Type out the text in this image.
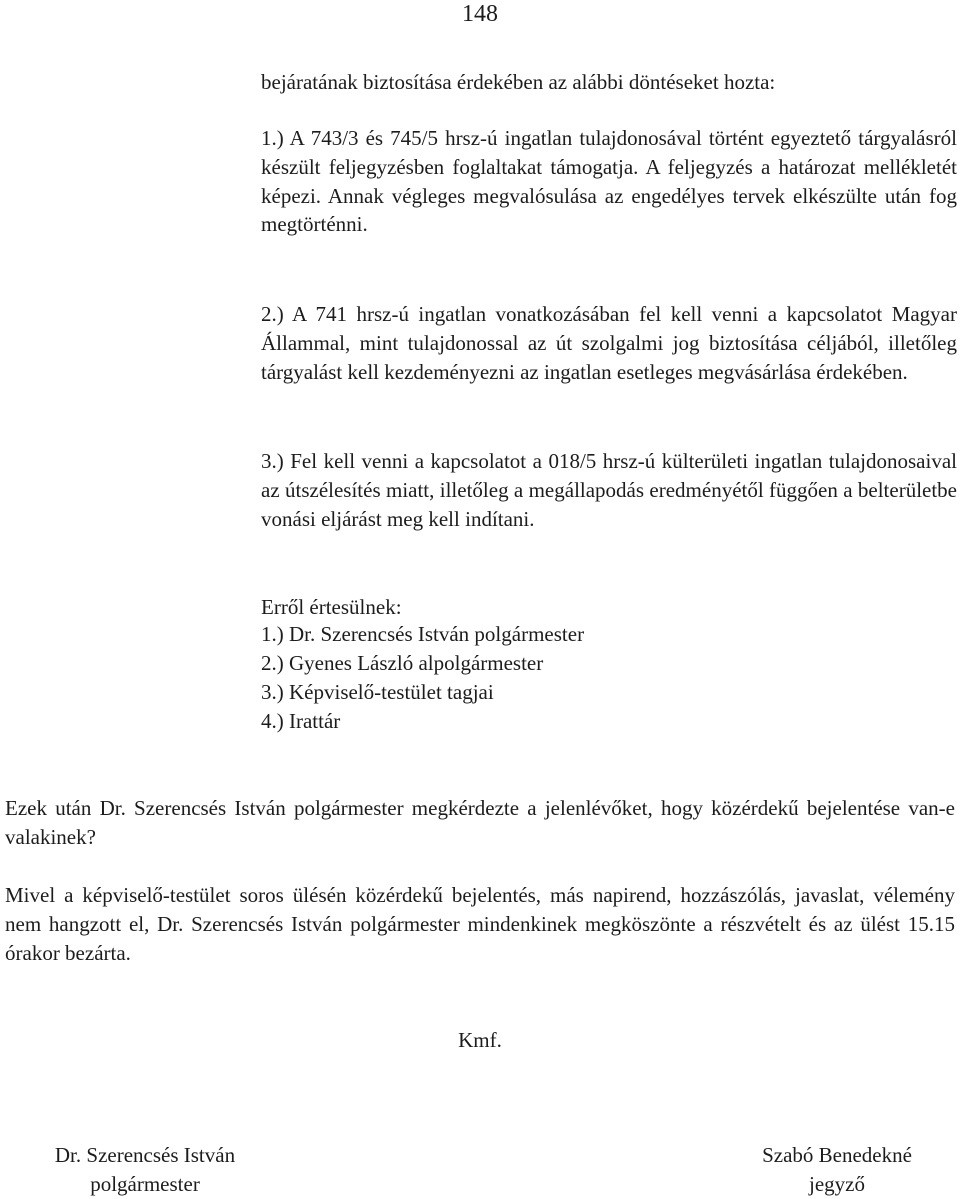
148

bejáratának biztosítása érdekében az alábbi döntéseket hozta:

1.) A 743/3 és 745/5 hrsz-ú ingatlan tulajdonosával történt egyeztető tárgyalásról készült feljegyzésben foglaltakat támogatja. A feljegyzés a határozat mellékletét képezi. Annak végleges megvalósulása az engedélyes tervek elkészülte után fog megtörténni.

2.) A 741 hrsz-ú ingatlan vonatkozásában fel kell venni a kapcsolatot Magyar Állammal, mint tulajdonossal az út szolgalmi jog biztosítása céljából, illetőleg tárgyalást kell kezdeményezni az ingatlan esetleges megvásárlása érdekében.

3.) Fel kell venni a kapcsolatot a 018/5 hrsz-ú külterületi ingatlan tulajdonosaival az útszélesítés miatt, illetőleg a megállapodás eredményétől függően a belterületbe vonási eljárást meg kell indítani.

Erről értesülnek:

1.) Dr. Szerencsés István polgármester

2.) Gyenes László alpolgármester

3.) Képviselő-testület tagjai

4.) Irattár

Ezek után Dr. Szerencsés István polgármester megkérdezte a jelenlévőket, hogy közérdekű bejelentése van-e valakinek?

Mivel a képviselő-testület soros ülésén közérdekű bejelentés, más napirend, hozzászólás, javaslat, vélemény nem hangzott el, Dr. Szerencsés István polgármester mindenkinek megköszönte a részvételt és az ülést 15.15 órakor bezárta.

Kmf.
Dr. Szerencsés István
polgármester
Szabó Benedekné
jegyző
